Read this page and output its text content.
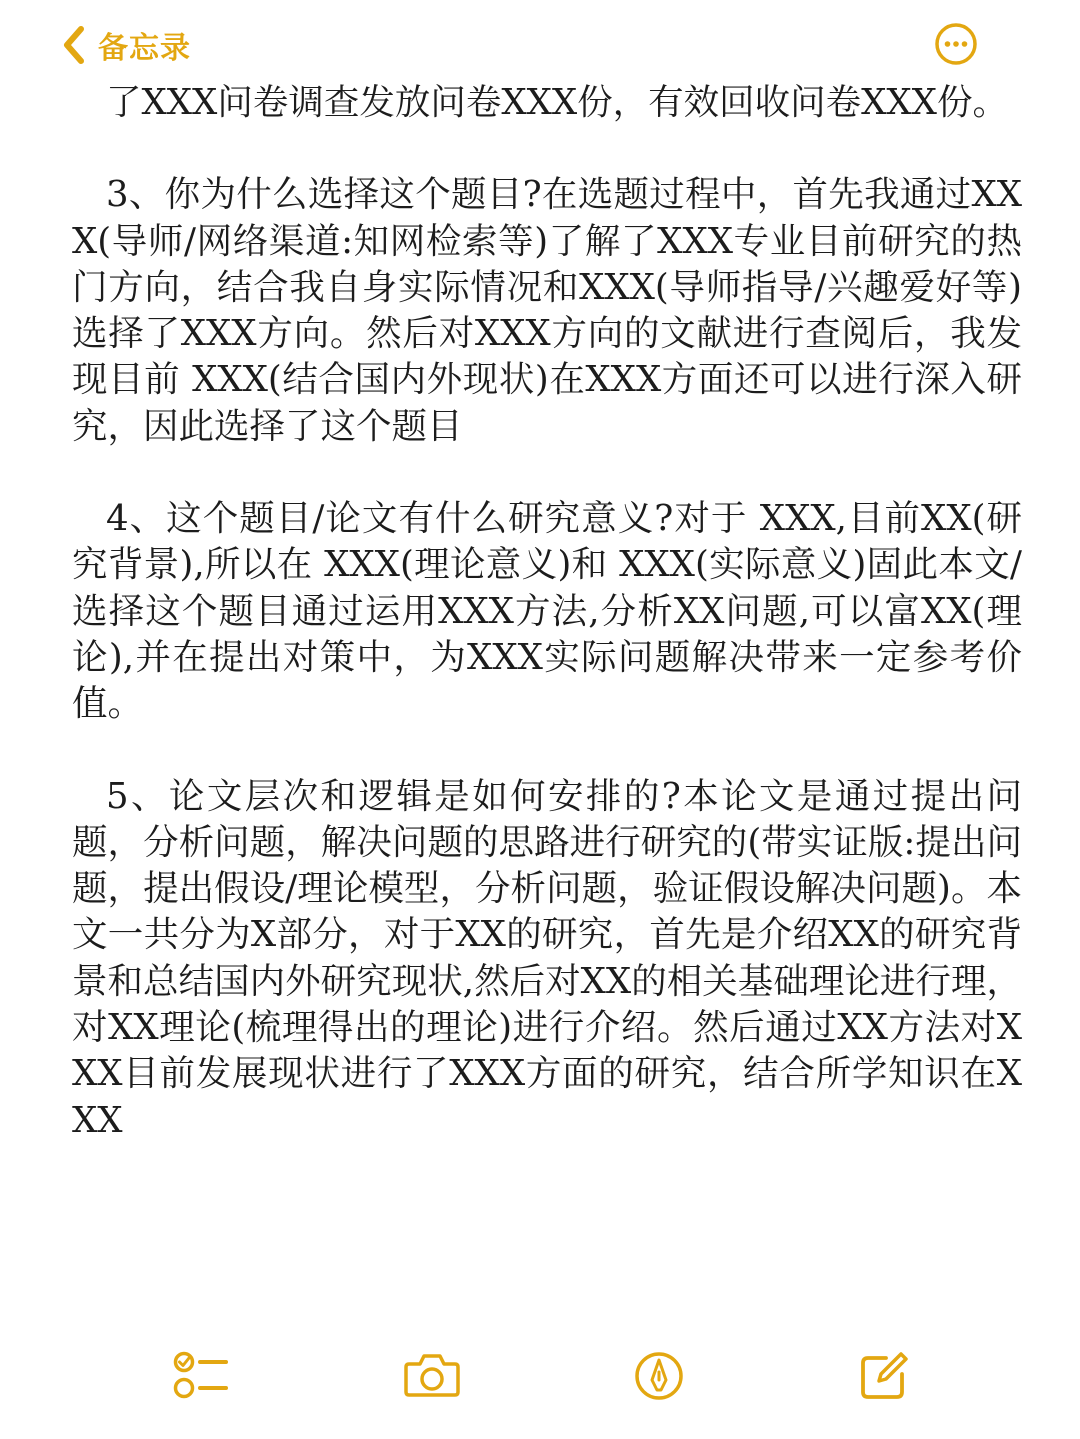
备忘录

了XXX问卷调查发放问卷XXX份，有效回收问卷XXX份。

3、你为什么选择这个题目?在选题过程中，首先我通过XXX(导师/网络渠道:知网检索等)了解了XXX专业目前研究的热门方向，结合我自身实际情况和XXX(导师指导/兴趣爱好等)选择了XXX方向。然后对XXX方向的文献进行查阅后，我发现目前 XXX(结合国内外现状)在XXX方面还可以进行深入研究，因此选择了这个题目

4、这个题目/论文有什么研究意义?对于 XXX,目前XX(研究背景),所以在 XXX(理论意义)和 XXX(实际意义)固此本文/选择这个题目通过运用XXX方法,分析XX问题,可以富XX(理论),并在提出对策中，为XXX实际问题解决带来一定参考价值。

5、论文层次和逻辑是如何安排的?本论文是通过提出问题，分析问题，解决问题的思路进行研究的(带实证版:提出问题，提出假设/理论模型，分析问题，验证假设解决问题)。本文一共分为X部分，对于XX的研究，首先是介绍XX的研究背景和总结国内外研究现状,然后对XX的相关基础理论进行理，对XX理论(梳理得出的理论)进行介绍。然后通过XX方法对XXX目前发展现状进行了XXX方面的研究，结合所学知识在XXX
